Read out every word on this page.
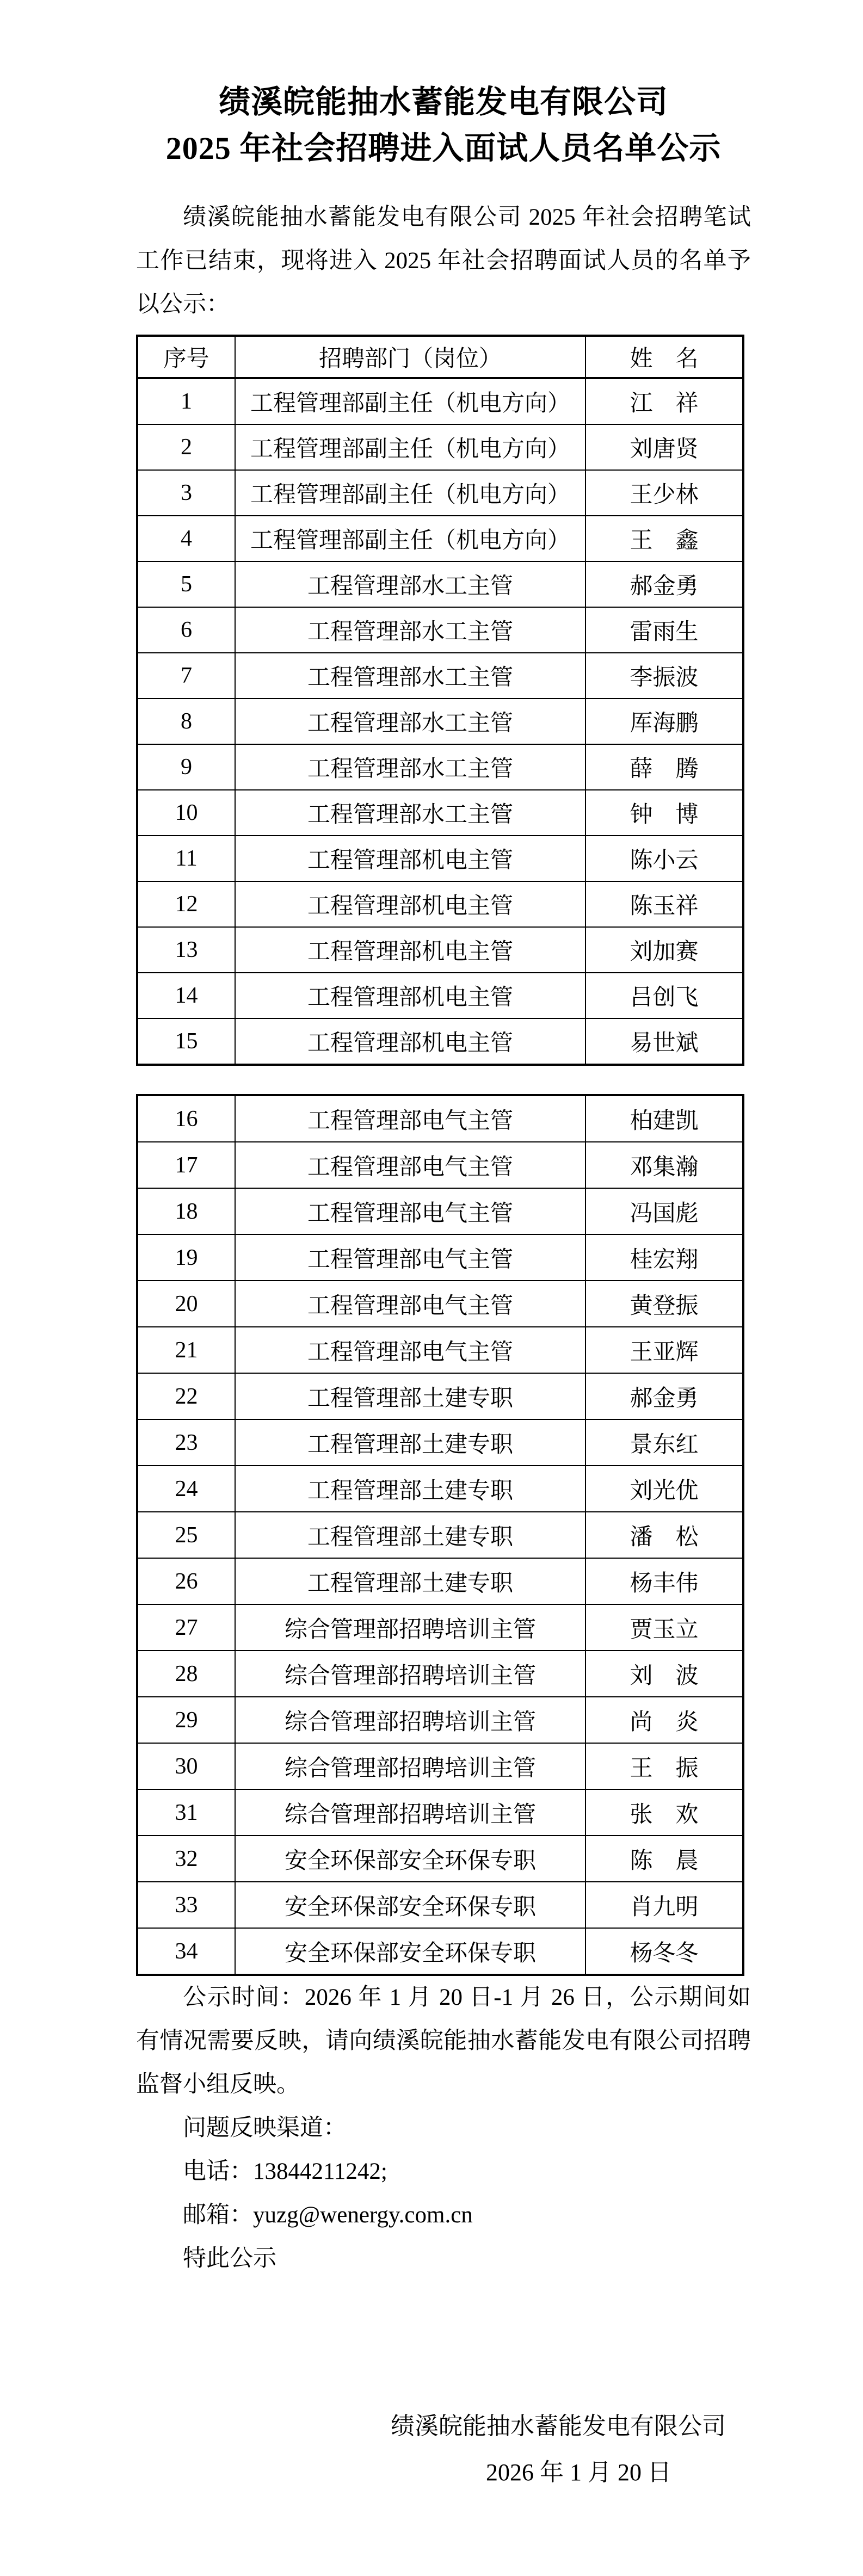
绩溪皖能抽水蓄能发电有限公司
2025 年社会招聘进入面试人员名单公示

绩溪皖能抽水蓄能发电有限公司 2025 年社会招聘笔试工作已结束，现将进入 2025 年社会招聘面试人员的名单予以公示：

序号	招聘部门（岗位）	姓　名
1	工程管理部副主任（机电方向）	江　祥
2	工程管理部副主任（机电方向）	刘唐贤
3	工程管理部副主任（机电方向）	王少林
4	工程管理部副主任（机电方向）	王　鑫
5	工程管理部水工主管	郝金勇
6	工程管理部水工主管	雷雨生
7	工程管理部水工主管	李振波
8	工程管理部水工主管	厍海鹏
9	工程管理部水工主管	薛　腾
10	工程管理部水工主管	钟　博
11	工程管理部机电主管	陈小云
12	工程管理部机电主管	陈玉祥
13	工程管理部机电主管	刘加赛
14	工程管理部机电主管	吕创飞
15	工程管理部机电主管	易世斌
16	工程管理部电气主管	柏建凯
17	工程管理部电气主管	邓集瀚
18	工程管理部电气主管	冯国彪
19	工程管理部电气主管	桂宏翔
20	工程管理部电气主管	黄登振
21	工程管理部电气主管	王亚辉
22	工程管理部土建专职	郝金勇
23	工程管理部土建专职	景东红
24	工程管理部土建专职	刘光优
25	工程管理部土建专职	潘　松
26	工程管理部土建专职	杨丰伟
27	综合管理部招聘培训主管	贾玉立
28	综合管理部招聘培训主管	刘　波
29	综合管理部招聘培训主管	尚　炎
30	综合管理部招聘培训主管	王　振
31	综合管理部招聘培训主管	张　欢
32	安全环保部安全环保专职	陈　晨
33	安全环保部安全环保专职	肖九明
34	安全环保部安全环保专职	杨冬冬

公示时间：2026 年 1 月 20 日-1 月 26 日，公示期间如有情况需要反映，请向绩溪皖能抽水蓄能发电有限公司招聘监督小组反映。

问题反映渠道：

电话：13844211242;

邮箱：yuzg@wenergy.com.cn

特此公示

绩溪皖能抽水蓄能发电有限公司
2026 年 1 月 20 日
